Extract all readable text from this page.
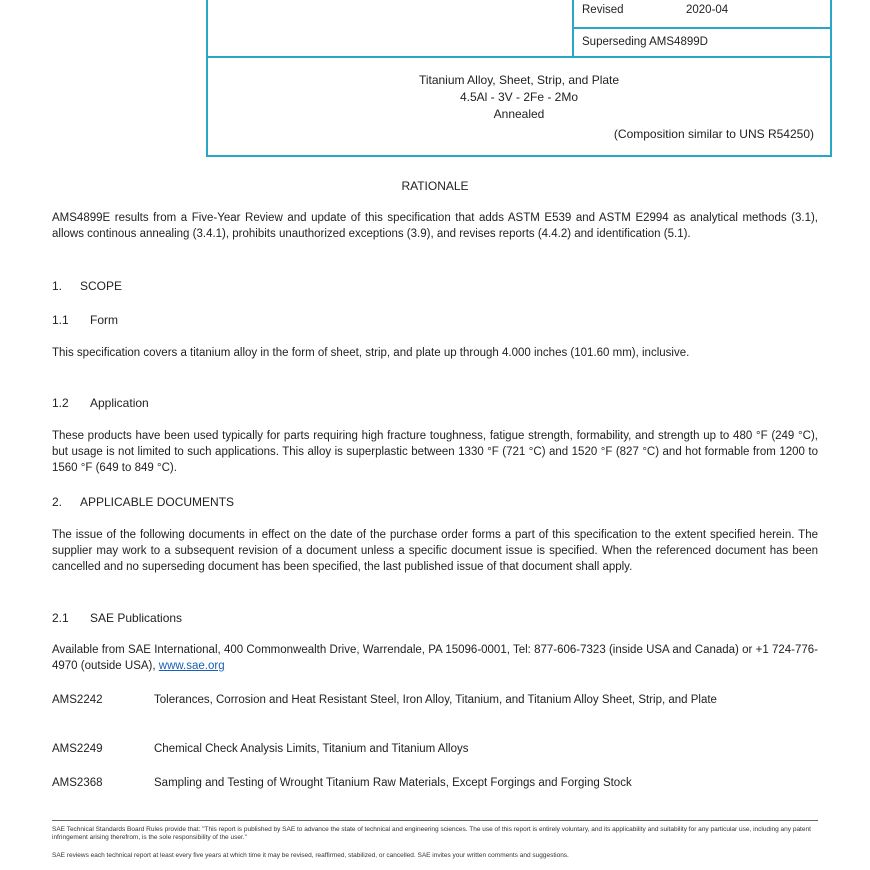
Revised	2020-04
Superseding AMS4899D
Titanium Alloy, Sheet, Strip, and Plate
4.5Al - 3V - 2Fe - 2Mo
Annealed
(Composition similar to UNS R54250)
RATIONALE
AMS4899E results from a Five-Year Review and update of this specification that adds ASTM E539 and ASTM E2994 as analytical methods (3.1), allows continous annealing (3.4.1), prohibits unauthorized exceptions (3.9), and revises reports (4.4.2) and identification (5.1).
1. SCOPE
1.1 Form
This specification covers a titanium alloy in the form of sheet, strip, and plate up through 4.000 inches (101.60 mm), inclusive.
1.2 Application
These products have been used typically for parts requiring high fracture toughness, fatigue strength, formability, and strength up to 480 °F (249 °C), but usage is not limited to such applications. This alloy is superplastic between 1330 °F (721 °C) and 1520 °F (827 °C) and hot formable from 1200 to 1560 °F (649 to 849 °C).
2. APPLICABLE DOCUMENTS
The issue of the following documents in effect on the date of the purchase order forms a part of this specification to the extent specified herein. The supplier may work to a subsequent revision of a document unless a specific document issue is specified. When the referenced document has been cancelled and no superseding document has been specified, the last published issue of that document shall apply.
2.1 SAE Publications
Available from SAE International, 400 Commonwealth Drive, Warrendale, PA 15096-0001, Tel: 877-606-7323 (inside USA and Canada) or +1 724-776-4970 (outside USA), www.sae.org
AMS2242	Tolerances, Corrosion and Heat Resistant Steel, Iron Alloy, Titanium, and Titanium Alloy Sheet, Strip, and Plate
AMS2249	Chemical Check Analysis Limits, Titanium and Titanium Alloys
AMS2368	Sampling and Testing of Wrought Titanium Raw Materials, Except Forgings and Forging Stock
SAE Technical Standards Board Rules provide that: "This report is published by SAE to advance the state of technical and engineering sciences. The use of this report is entirely voluntary, and its applicability and suitability for any particular use, including any patent infringement arising therefrom, is the sole responsibility of the user."
SAE reviews each technical report at least every five years at which time it may be revised, reaffirmed, stabilized, or cancelled. SAE invites your written comments and suggestions.
